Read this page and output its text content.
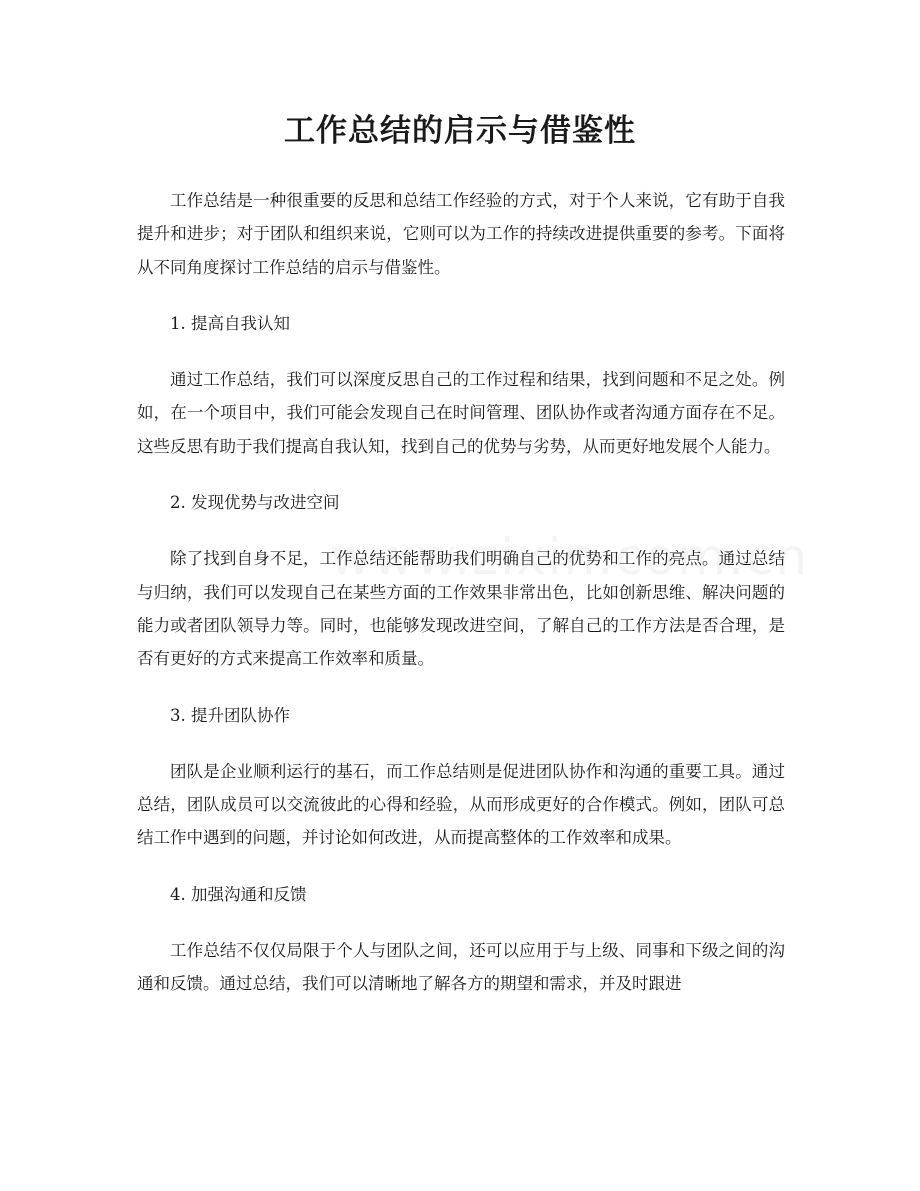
工作总结的启示与借鉴性

工作总结是一种很重要的反思和总结工作经验的方式，对于个人来说，它有助于自我提升和进步；对于团队和组织来说，它则可以为工作的持续改进提供重要的参考。下面将从不同角度探讨工作总结的启示与借鉴性。

1. 提高自我认知

通过工作总结，我们可以深度反思自己的工作过程和结果，找到问题和不足之处。例如，在一个项目中，我们可能会发现自己在时间管理、团队协作或者沟通方面存在不足。这些反思有助于我们提高自我认知，找到自己的优势与劣势，从而更好地发展个人能力。

2. 发现优势与改进空间

除了找到自身不足，工作总结还能帮助我们明确自己的优势和工作的亮点。通过总结与归纳，我们可以发现自己在某些方面的工作效果非常出色，比如创新思维、解决问题的能力或者团队领导力等。同时，也能够发现改进空间，了解自己的工作方法是否合理，是否有更好的方式来提高工作效率和质量。

3. 提升团队协作

团队是企业顺利运行的基石，而工作总结则是促进团队协作和沟通的重要工具。通过总结，团队成员可以交流彼此的心得和经验，从而形成更好的合作模式。例如，团队可总结工作中遇到的问题，并讨论如何改进，从而提高整体的工作效率和成果。

4. 加强沟通和反馈

工作总结不仅仅局限于个人与团队之间，还可以应用于与上级、同事和下级之间的沟通和反馈。通过总结，我们可以清晰地了解各方的期望和需求，并及时跟进
